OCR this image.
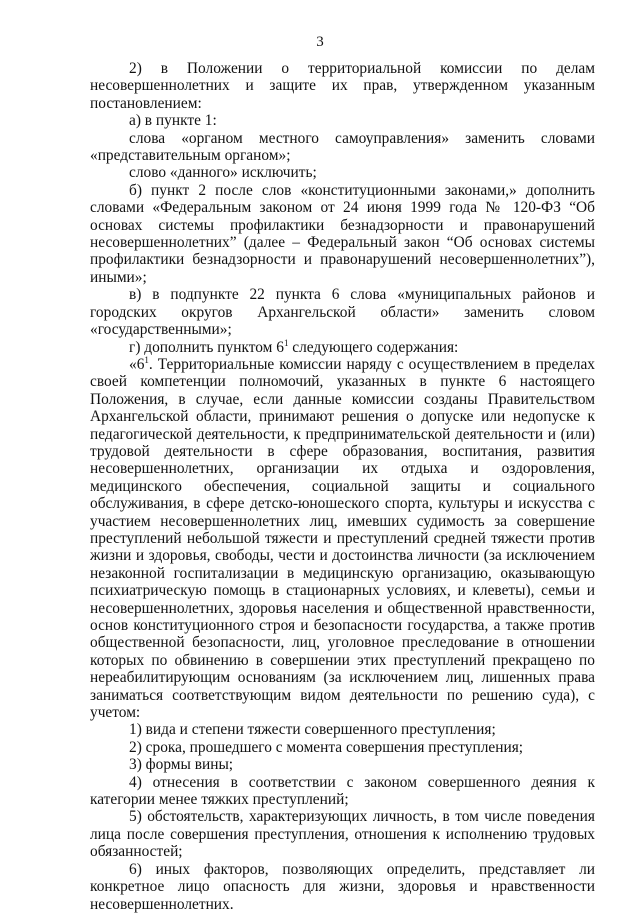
3

2) в Положении о территориальной комиссии по делам несовершеннолетних и защите их прав, утвержденном указанным постановлением:

а) в пункте 1:

слова «органом местного самоуправления» заменить словами «представительным органом»;

слово «данного» исключить;

б) пункт 2 после слов «конституционными законами,» дополнить словами «Федеральным законом от 24 июня 1999 года № 120-ФЗ “Об основах системы профилактики безнадзорности и правонарушений несовершеннолетних” (далее – Федеральный закон “Об основах системы профилактики безнадзорности и правонарушений несовершеннолетних”), иными»;

в) в подпункте 22 пункта 6 слова «муниципальных районов и городских округов Архангельской области» заменить словом «государственными»;

г) дополнить пунктом $6^1$ следующего содержания:

«$6^1$. Территориальные комиссии наряду с осуществлением в пределах своей компетенции полномочий, указанных в пункте 6 настоящего Положения, в случае, если данные комиссии созданы Правительством Архангельской области, принимают решения о допуске или недопуске к педагогической деятельности, к предпринимательской деятельности и (или) трудовой деятельности в сфере образования, воспитания, развития несовершеннолетних, организации их отдыха и оздоровления, медицинского обеспечения, социальной защиты и социального обслуживания, в сфере детско-юношеского спорта, культуры и искусства с участием несовершеннолетних лиц, имевших судимость за совершение преступлений небольшой тяжести и преступлений средней тяжести против жизни и здоровья, свободы, чести и достоинства личности (за исключением незаконной госпитализации в медицинскую организацию, оказывающую психиатрическую помощь в стационарных условиях, и клеветы), семьи и несовершеннолетних, здоровья населения и общественной нравственности, основ конституционного строя и безопасности государства, а также против общественной безопасности, лиц, уголовное преследование в отношении которых по обвинению в совершении этих преступлений прекращено по нереабилитирующим основаниям (за исключением лиц, лишенных права заниматься соответствующим видом деятельности по решению суда), с учетом:

1) вида и степени тяжести совершенного преступления;

2) срока, прошедшего с момента совершения преступления;

3) формы вины;

4) отнесения в соответствии с законом совершенного деяния к категории менее тяжких преступлений;

5) обстоятельств, характеризующих личность, в том числе поведения лица после совершения преступления, отношения к исполнению трудовых обязанностей;

6) иных факторов, позволяющих определить, представляет ли конкретное лицо опасность для жизни, здоровья и нравственности несовершеннолетних.
